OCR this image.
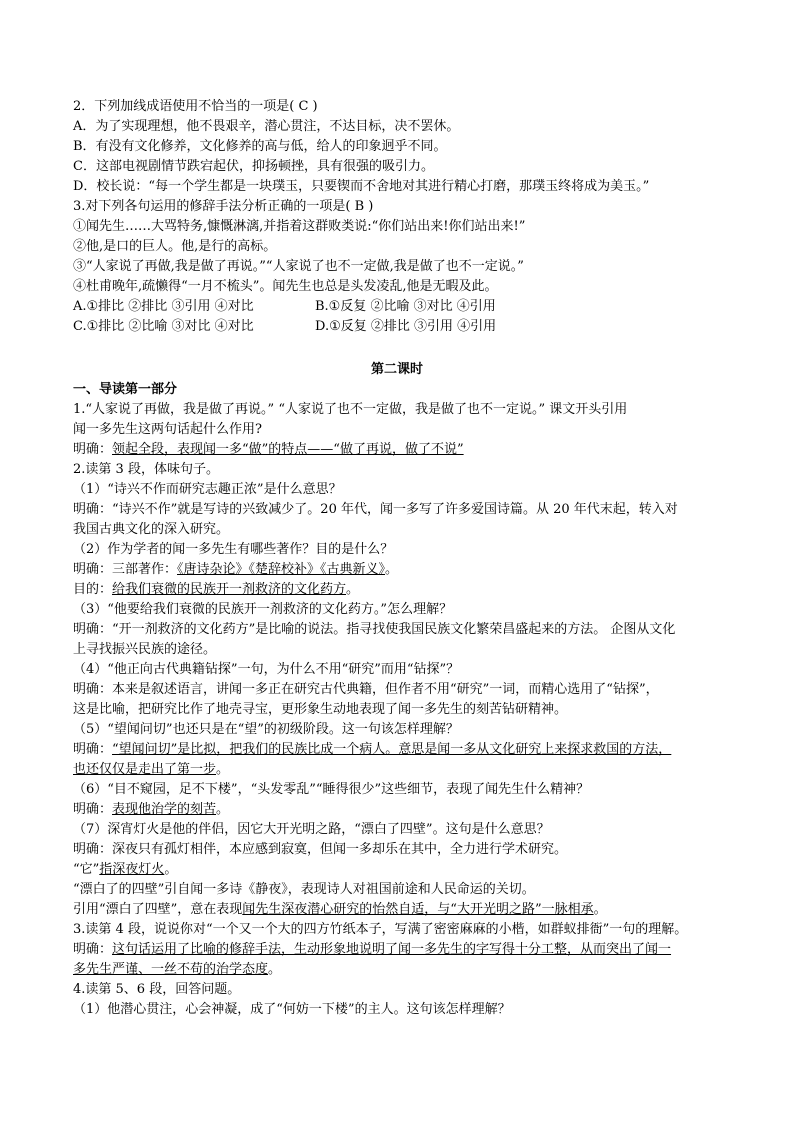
2．下列加线成语使用不恰当的一项是( C )
A．为了实现理想，他不畏艰辛，潜心贯注，不达目标，决不罢休。
B．有没有文化修养，文化修养的高与低，给人的印象迥乎不同。
C．这部电视剧情节跌宕起伏，抑扬顿挫，具有很强的吸引力。
D．校长说：“每一个学生都是一块璞玉，只要锲而不舍地对其进行精心打磨，那璞玉终将成为美玉。”
3.对下列各句运用的修辞手法分析正确的一项是( B )
①闻先生……大骂特务,慷慨淋漓,并指着这群败类说:“你们站出来!你们站出来!”
②他,是口的巨人。他,是行的高标。
③“人家说了再做,我是做了再说。”“人家说了也不一定做,我是做了也不一定说。”
④杜甫晚年,疏懒得“一月不梳头”。闻先生也总是头发凌乱,他是无暇及此。
A.①排比 ②排比 ③引用 ④对比	B.①反复 ②比喻 ③对比 ④引用
C.①排比 ②比喻 ③对比 ④对比	D.①反复 ②排比 ③引用 ④引用
第二课时
一、导读第一部分
1.“人家说了再做，我是做了再说。” “人家说了也不一定做，我是做了也不一定说。” 课文开头引用
闻一多先生这两句话起什么作用?
明确：领起全段，表现闻一多“做”的特点——“做了再说，做了不说”
2.读第 3 段，体味句子。
（1）“诗兴不作而研究志趣正浓”是什么意思？
明确：“诗兴不作”就是写诗的兴致减少了。20 年代，闻一多写了许多爱国诗篇。从 20 年代末起，转入对
我国古典文化的深入研究。
（2）作为学者的闻一多先生有哪些著作？目的是什么？
明确：三部著作：《唐诗杂论》《楚辞校补》《古典新义》。
目的：给我们衰微的民族开一剂救济的文化药方。
（3）“他要给我们衰微的民族开一剂救济的文化药方。”怎么理解？
明确：“开一剂救济的文化药方”是比喻的说法。指寻找使我国民族文化繁荣昌盛起来的方法。 企图从文化
上寻找振兴民族的途径。
（4）“他正向古代典籍钻探”一句，为什么不用“研究”而用“钻探”？
明确：本来是叙述语言，讲闻一多正在研究古代典籍，但作者不用“研究”一词，而精心选用了“钻探”，
这是比喻，把研究比作了地壳寻宝，更形象生动地表现了闻一多先生的刻苦钻研精神。
（5）“望闻问切”也还只是在“望”的初级阶段。这一句该怎样理解？
明确：“望闻问切”是比拟，把我们的民族比成一个病人。意思是闻一多从文化研究上来探求救国的方法，
也还仅仅是走出了第一步。
（6）“目不窥园，足不下楼”，“头发零乱”“睡得很少”这些细节，表现了闻先生什么精神？
明确：表现他治学的刻苦。
（7）深宵灯火是他的伴侣，因它大开光明之路，“漂白了四壁”。这句是什么意思？
明确：深夜只有孤灯相伴，本应感到寂寞，但闻一多却乐在其中，全力进行学术研究。
“它”指深夜灯火。
“漂白了的四壁”引自闻一多诗《静夜》，表现诗人对祖国前途和人民命运的关切。
引用“漂白了四壁”，意在表现闻先生深夜潜心研究的怡然自适，与“大开光明之路”一脉相承。
3.读第 4 段，说说你对“一个又一个大的四方竹纸本子，写满了密密麻麻的小楷，如群蚁排衙”一句的理解。
明确：这句话运用了比喻的修辞手法，生动形象地说明了闻一多先生的字写得十分工整，从而突出了闻一
多先生严谨、一丝不苟的治学态度。
4.读第 5、6 段，回答问题。
（1）他潜心贯注，心会神凝，成了“何妨一下楼”的主人。这句该怎样理解？
